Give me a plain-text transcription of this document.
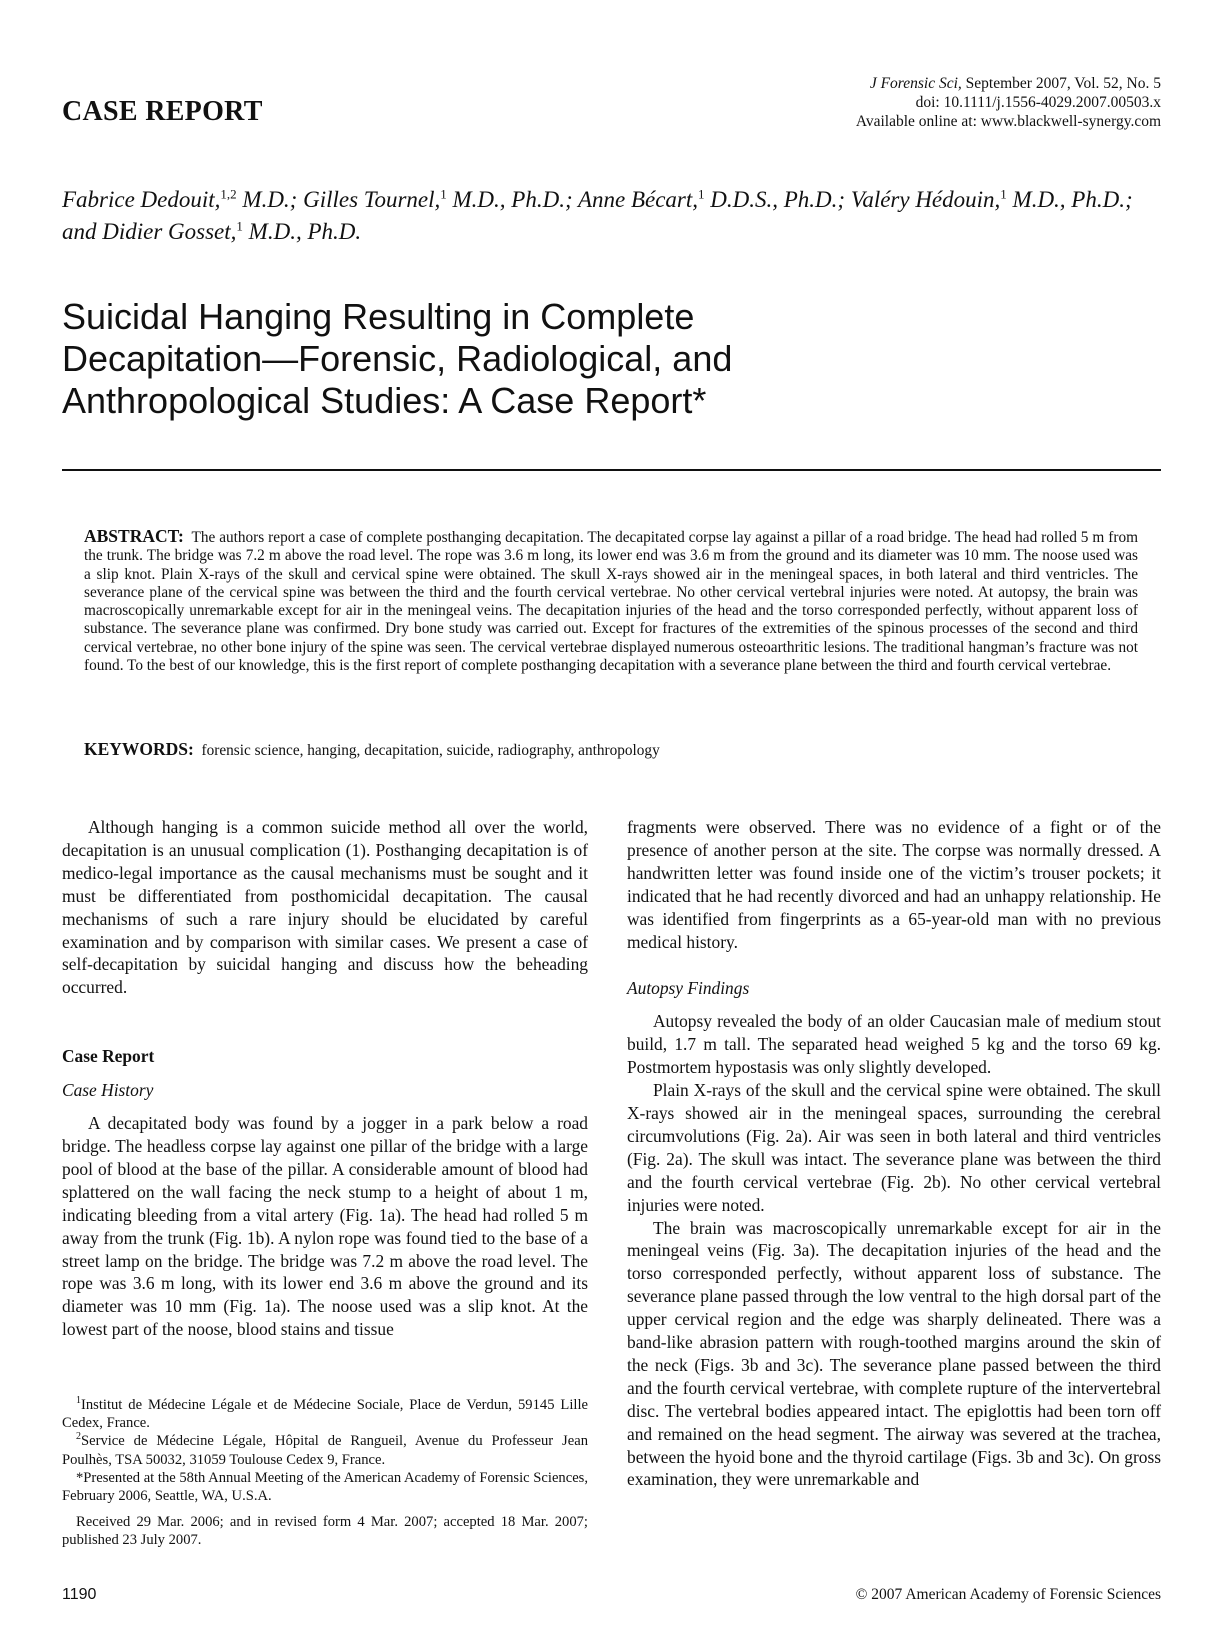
CASE REPORT
J Forensic Sci, September 2007, Vol. 52, No. 5
doi: 10.1111/j.1556-4029.2007.00503.x
Available online at: www.blackwell-synergy.com
Fabrice Dedouit,$^{1,2}$ M.D.; Gilles Tournel,$^1$ M.D., Ph.D.; Anne Bécart,$^1$ D.D.S., Ph.D.; Valéry Hédouin,$^1$ M.D., Ph.D.; and Didier Gosset,$^1$ M.D., Ph.D.
Suicidal Hanging Resulting in Complete
Decapitation—Forensic, Radiological, and
Anthropological Studies: A Case Report*
ABSTRACT: The authors report a case of complete posthanging decapitation. The decapitated corpse lay against a pillar of a road bridge. The head had rolled 5 m from the trunk. The bridge was 7.2 m above the road level. The rope was 3.6 m long, its lower end was 3.6 m from the ground and its diameter was 10 mm. The noose used was a slip knot. Plain X-rays of the skull and cervical spine were obtained. The skull X-rays showed air in the meningeal spaces, in both lateral and third ventricles. The severance plane of the cervical spine was between the third and the fourth cervical vertebrae. No other cervical vertebral injuries were noted. At autopsy, the brain was macroscopically unremarkable except for air in the meningeal veins. The decapitation injuries of the head and the torso corresponded perfectly, without apparent loss of substance. The severance plane was confirmed. Dry bone study was carried out. Except for fractures of the extremities of the spinous processes of the second and third cervical vertebrae, no other bone injury of the spine was seen. The cervical vertebrae displayed numerous osteoarthritic lesions. The traditional hangman’s fracture was not found. To the best of our knowledge, this is the first report of complete posthanging decapitation with a severance plane between the third and fourth cervical vertebrae.
KEYWORDS: forensic science, hanging, decapitation, suicide, radiography, anthropology

Although hanging is a common suicide method all over the world, decapitation is an unusual complication (1). Posthanging decapitation is of medico-legal importance as the causal mechanisms must be sought and it must be differentiated from posthomicidal decapitation. The causal mechanisms of such a rare injury should be elucidated by careful examination and by comparison with similar cases. We present a case of self-decapitation by suicidal hanging and discuss how the beheading occurred.

Case Report

Case History

A decapitated body was found by a jogger in a park below a road bridge. The headless corpse lay against one pillar of the bridge with a large pool of blood at the base of the pillar. A considerable amount of blood had splattered on the wall facing the neck stump to a height of about 1 m, indicating bleeding from a vital artery (Fig. 1a). The head had rolled 5 m away from the trunk (Fig. 1b). A nylon rope was found tied to the base of a street lamp on the bridge. The bridge was 7.2 m above the road level. The rope was 3.6 m long, with its lower end 3.6 m above the ground and its diameter was 10 mm (Fig. 1a). The noose used was a slip knot. At the lowest part of the noose, blood stains and tissue

$^1$Institut de Médecine Légale et de Médecine Sociale, Place de Verdun, 59145 Lille Cedex, France.

$^2$Service de Médecine Légale, Hôpital de Rangueil, Avenue du Professeur Jean Poulhès, TSA 50032, 31059 Toulouse Cedex 9, France.

*Presented at the 58th Annual Meeting of the American Academy of Forensic Sciences, February 2006, Seattle, WA, U.S.A.

Received 29 Mar. 2006; and in revised form 4 Mar. 2007; accepted 18 Mar. 2007; published 23 July 2007.

fragments were observed. There was no evidence of a fight or of the presence of another person at the site. The corpse was normally dressed. A handwritten letter was found inside one of the victim’s trouser pockets; it indicated that he had recently divorced and had an unhappy relationship. He was identified from fingerprints as a 65-year-old man with no previous medical history.

Autopsy Findings

Autopsy revealed the body of an older Caucasian male of medium stout build, 1.7 m tall. The separated head weighed 5 kg and the torso 69 kg. Postmortem hypostasis was only slightly developed.

Plain X-rays of the skull and the cervical spine were obtained. The skull X-rays showed air in the meningeal spaces, surrounding the cerebral circumvolutions (Fig. 2a). Air was seen in both lateral and third ventricles (Fig. 2a). The skull was intact. The severance plane was between the third and the fourth cervical vertebrae (Fig. 2b). No other cervical vertebral injuries were noted.

The brain was macroscopically unremarkable except for air in the meningeal veins (Fig. 3a). The decapitation injuries of the head and the torso corresponded perfectly, without apparent loss of substance. The severance plane passed through the low ventral to the high dorsal part of the upper cervical region and the edge was sharply delineated. There was a band-like abrasion pattern with rough-toothed margins around the skin of the neck (Figs. 3b and 3c). The severance plane passed between the third and the fourth cervical vertebrae, with complete rupture of the intervertebral disc. The vertebral bodies appeared intact. The epiglottis had been torn off and remained on the head segment. The airway was severed at the trachea, between the hyoid bone and the thyroid cartilage (Figs. 3b and 3c). On gross examination, they were unremarkable and

1190	© 2007 American Academy of Forensic Sciences
